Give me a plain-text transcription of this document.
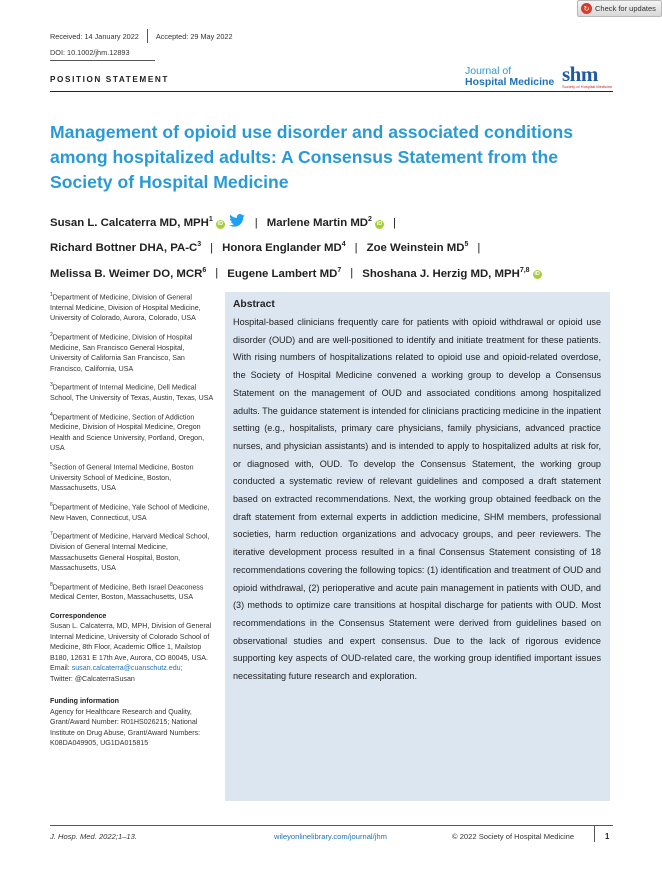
↻ Check for updates
Received: 14 January 2022 Accepted: 29 May 2022
DOI: 10.1002/jhm.12893
POSITION STATEMENT
Journal of
Hospital Medicine shm
Society of Hospital Medicine
Management of opioid use disorder and associated conditions among hospitalized adults: A Consensus Statement from the Society of Hospital Medicine
Susan L. Calcaterra MD, MPH$^1$iD	| Marlene Martin $MD^2iD$ |
Richard Bottner DHA, $PA-C^3$ | Honora Englander $MD^4$ | Zoe Weinstein $MD^5$ |
Melissa B. Weimer DO, MCR$^6$ | Eugene Lambert $MD^7$ | Shoshana J. Herzig MD, MPH$^{7,8}$iD
$^1$Department of Medicine, Division of General Internal Medicine, Division of Hospital Medicine, University of Colorado, Aurora, Colorado, USA
$^2$Department of Medicine, Division of Hospital Medicine, San Francisco General Hospital, University of California San Francisco, San Francisco, California, USA
$^3$Department of Internal Medicine, Dell Medical School, The University of Texas, Austin, Texas, USA
$^4$Department of Medicine, Section of Addiction Medicine, Division of Hospital Medicine, Oregon Health and Science University, Portland, Oregon, USA
$^5$Section of General Internal Medicine, Boston University School of Medicine, Boston, Massachusetts, USA
$^6$Department of Medicine, Yale School of Medicine, New Haven, Connecticut, USA
$^7$Department of Medicine, Harvard Medical School, Division of General Internal Medicine, Massachusetts General Hospital, Boston, Massachusetts, USA
$^8$Department of Medicine, Beth Israel Deaconess Medical Center, Boston, Massachusetts, USA
Correspondence
Susan L. Calcaterra, MD, MPH, Division of General Internal Medicine, University of Colorado School of Medicine, 8th Floor, Academic Office 1, Mailstop B180, 12631 E 17th Ave, Aurora, CO 80045, USA.
Email: susan.calcaterra@cuanschutz.edu;
Twitter: @CalcaterraSusan
Funding information
Agency for Healthcare Research and Quality, Grant/Award Number: R01HS026215; National Institute on Drug Abuse, Grant/Award Numbers: K08DA049905, UG1DA015815
Abstract
Hospital-based clinicians frequently care for patients with opioid withdrawal or opioid use disorder (OUD) and are well-positioned to identify and initiate treatment for these patients. With rising numbers of hospitalizations related to opioid use and opioid-related overdose, the Society of Hospital Medicine convened a working group to develop a Consensus Statement on the management of OUD and associated conditions among hospitalized adults. The guidance statement is intended for clinicians practicing medicine in the inpatient setting (e.g., hospitalists, primary care physicians, family physicians, advanced practice nurses, and physician assistants) and is intended to apply to hospitalized adults at risk for, or diagnosed with, OUD. To develop the Consensus Statement, the working group conducted a systematic review of relevant guidelines and composed a draft statement based on extracted recommendations. Next, the working group obtained feedback on the draft statement from external experts in addiction medicine, SHM members, professional societies, harm reduction organizations and advocacy groups, and peer reviewers. The iterative development process resulted in a final Consensus Statement consisting of 18 recommendations covering the following topics: (1) identification and treatment of OUD and opioid withdrawal, (2) perioperative and acute pain management in patients with OUD, and (3) methods to optimize care transitions at hospital discharge for patients with OUD. Most recommendations in the Consensus Statement were derived from guidelines based on observational studies and expert consensus. Due to the lack of rigorous evidence supporting key aspects of OUD-related care, the working group identified important issues necessitating future research and exploration.
J. Hosp. Med. 2022;1–13.	wileyonlinelibrary.com/journal/jhm	© 2022 Society of Hospital Medicine	1
